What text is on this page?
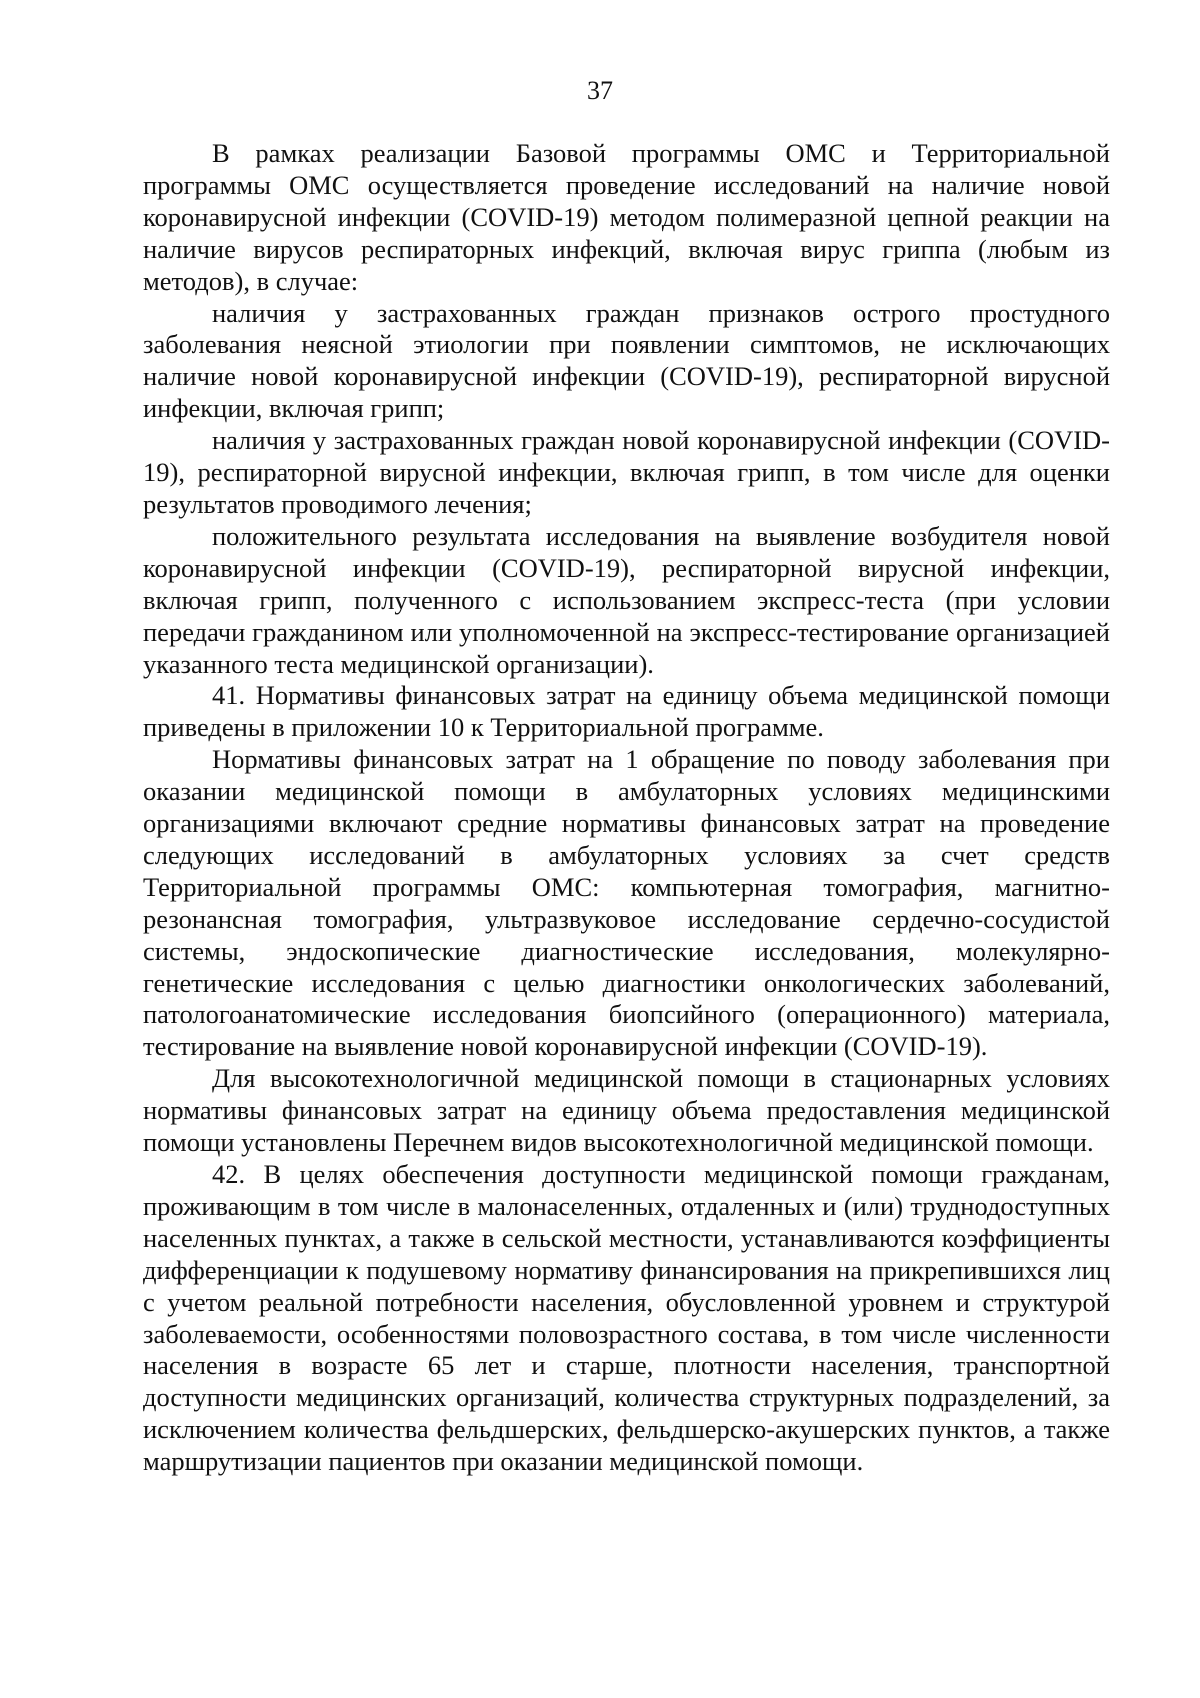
37

В рамках реализации Базовой программы ОМС и Территориальной программы ОМС осуществляется проведение исследований на наличие новой коронавирусной инфекции (COVID-19) методом полимеразной цепной реакции на наличие вирусов респираторных инфекций, включая вирус гриппа (любым из методов), в случае:

наличия у застрахованных граждан признаков острого простудного заболевания неясной этиологии при появлении симптомов, не исключающих наличие новой коронавирусной инфекции (COVID-19), респираторной вирусной инфекции, включая грипп;

наличия у застрахованных граждан новой коронавирусной инфекции (COVID-19), респираторной вирусной инфекции, включая грипп, в том числе для оценки результатов проводимого лечения;

положительного результата исследования на выявление возбудителя новой коронавирусной инфекции (COVID-19), респираторной вирусной инфекции, включая грипп, полученного с использованием экспресс-теста (при условии передачи гражданином или уполномоченной на экспресс-тестирование организацией указанного теста медицинской организации).

41. Нормативы финансовых затрат на единицу объема медицинской помощи приведены в приложении 10 к Территориальной программе.

Нормативы финансовых затрат на 1 обращение по поводу заболевания при оказании медицинской помощи в амбулаторных условиях медицинскими организациями включают средние нормативы финансовых затрат на проведение следующих исследований в амбулаторных условиях за счет средств Территориальной программы ОМС: компьютерная томография, магнитно-резонансная томография, ультразвуковое исследование сердечно-сосудистой системы, эндоскопические диагностические исследования, молекулярно-генетические исследования с целью диагностики онкологических заболеваний, патологоанатомические исследования биопсийного (операционного) материала, тестирование на выявление новой коронавирусной инфекции (COVID-19).

Для высокотехнологичной медицинской помощи в стационарных условиях нормативы финансовых затрат на единицу объема предоставления медицинской помощи установлены Перечнем видов высокотехнологичной медицинской помощи.

42. В целях обеспечения доступности медицинской помощи гражданам, проживающим в том числе в малонаселенных, отдаленных и (или) труднодоступных населенных пунктах, а также в сельской местности, устанавливаются коэффициенты дифференциации к подушевому нормативу финансирования на прикрепившихся лиц с учетом реальной потребности населения, обусловленной уровнем и структурой заболеваемости, особенностями половозрастного состава, в том числе численности населения в возрасте 65 лет и старше, плотности населения, транспортной доступности медицинских организаций, количества структурных подразделений, за исключением количества фельдшерских, фельдшерско-акушерских пунктов, а также маршрутизации пациентов при оказании медицинской помощи.
